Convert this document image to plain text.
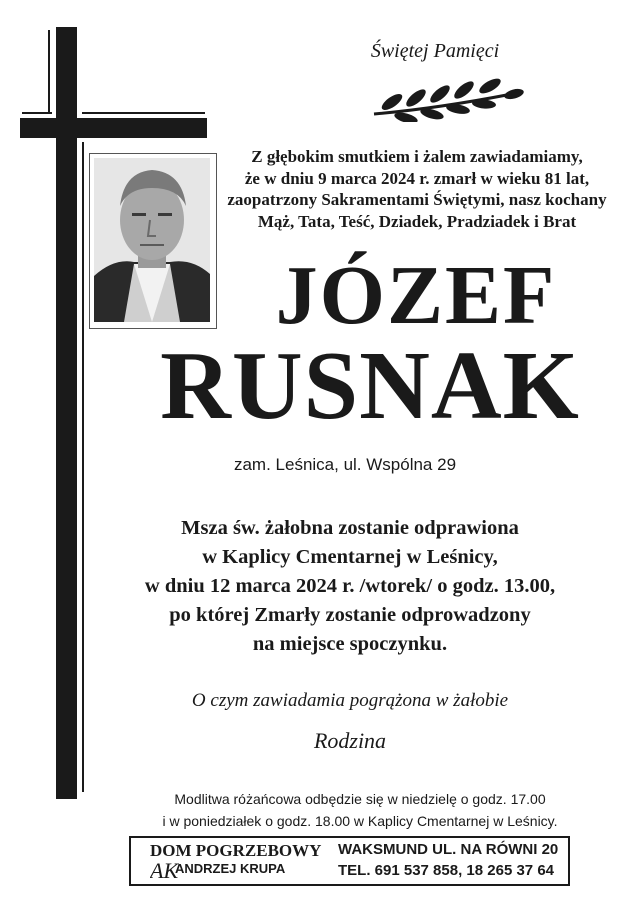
Świętej Pamięci
Z głębokim smutkiem i żalem zawiadamiamy,
że w dniu 9 marca 2024 r. zmarł w wieku 81 lat,
zaopatrzony Sakramentami Świętymi, nasz kochany
Mąż, Tata, Teść, Dziadek, Pradziadek i Brat
JÓZEF
RUSNAK
zam. Leśnica, ul. Wspólna 29
Msza św. żałobna zostanie odprawiona
w Kaplicy Cmentarnej w Leśnicy,
w dniu 12 marca 2024 r. /wtorek/ o godz. 13.00,
po której Zmarły zostanie odprowadzony
na miejsce spoczynku.
O czym zawiadamia pogrążona w żałobie
Rodzina
Modlitwa różańcowa odbędzie się w niedzielę o godz. 17.00
i w poniedziałek o godz. 18.00 w Kaplicy Cmentarnej w Leśnicy.
DOM POGRZEBOWY
AK
ANDRZEJ KRUPA
WAKSMUND UL. NA RÓWNI 20
TEL. 691 537 858, 18 265 37 64
